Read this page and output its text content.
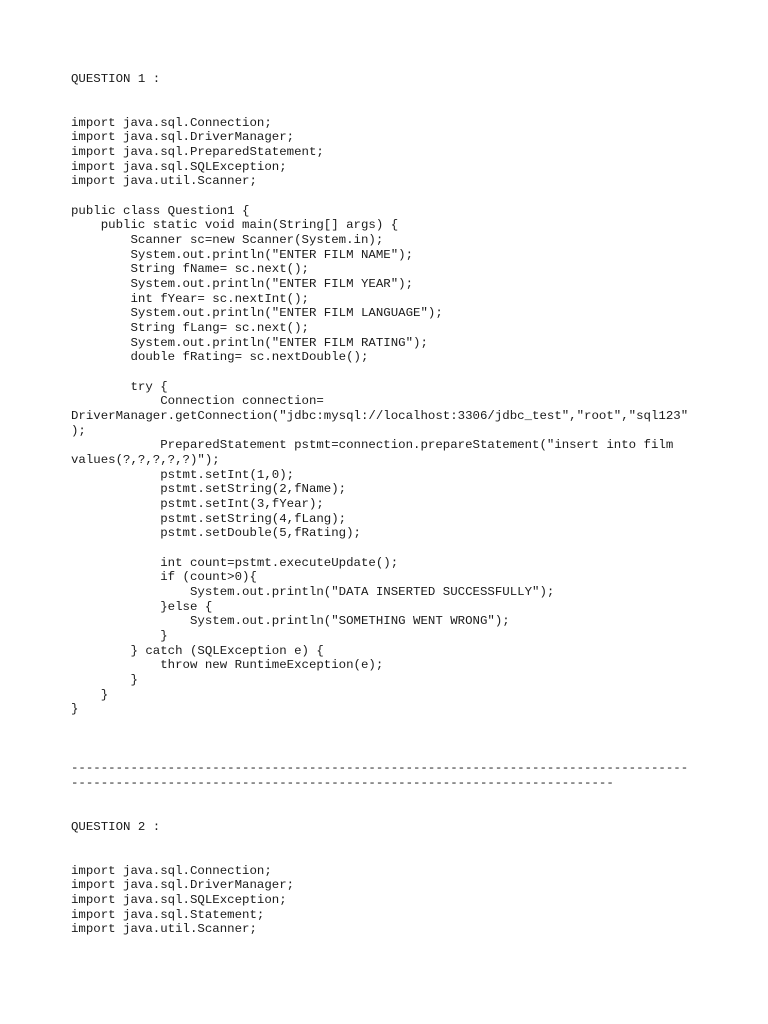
QUESTION 1 :
import java.sql.Connection;
import java.sql.DriverManager;
import java.sql.PreparedStatement;
import java.sql.SQLException;
import java.util.Scanner;
public class Question1 {
public static void main(String[] args) {
Scanner sc=new Scanner(System.in);
System.out.println("ENTER FILM NAME");
String fName= sc.next();
System.out.println("ENTER FILM YEAR");
int fYear= sc.nextInt();
System.out.println("ENTER FILM LANGUAGE");
String fLang= sc.next();
System.out.println("ENTER FILM RATING");
double fRating= sc.nextDouble();
try {
Connection connection=
DriverManager.getConnection("jdbc:mysql://localhost:3306/jdbc_test","root","sql123"
);
PreparedStatement pstmt=connection.prepareStatement("insert into film
values(?,?,?,?,?)");
pstmt.setInt(1,0);
pstmt.setString(2,fName);
pstmt.setInt(3,fYear);
pstmt.setString(4,fLang);
pstmt.setDouble(5,fRating);
int count=pstmt.executeUpdate();
if (count>0){
System.out.println("DATA INSERTED SUCCESSFULLY");
}else {
System.out.println("SOMETHING WENT WRONG");
}
} catch (SQLException e) {
throw new RuntimeException(e);
}
}
}
-----------------------------------------------------------------------------------
-------------------------------------------------------------------------
QUESTION 2 :
import java.sql.Connection;
import java.sql.DriverManager;
import java.sql.SQLException;
import java.sql.Statement;
import java.util.Scanner;
